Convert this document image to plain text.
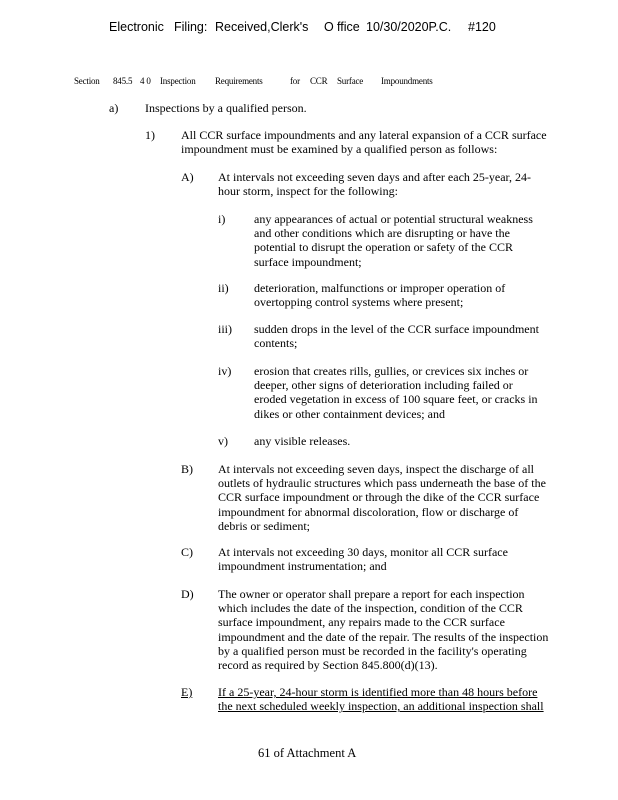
Electronic Filing: Received,Clerk's O ffice 10/30/2020P.C. #120
Section 845.5 4 0 Inspection Requirements	for CCR Surface Impoundments
a) Inspections by a qualified person.
1) All CCR surface impoundments and any lateral expansion of a CCR surface
impoundment must be examined by a qualified person as follows:
A) At intervals not exceeding seven days and after each 25-year, 24-
hour storm, inspect for the following:
i) any appearances of actual or potential structural weakness
and other conditions which are disrupting or have the
potential to disrupt the operation or safety of the CCR
surface impoundment;
ii) deterioration, malfunctions or improper operation of
overtopping control systems where present;
iii) sudden drops in the level of the CCR surface impoundment
contents;
iv) erosion that creates rills, gullies, or crevices six inches or
deeper, other signs of deterioration including failed or
eroded vegetation in excess of 100 square feet, or cracks in
dikes or other containment devices; and
v) any visible releases.
B) At intervals not exceeding seven days, inspect the discharge of all
outlets of hydraulic structures which pass underneath the base of the
CCR surface impoundment or through the dike of the CCR surface
impoundment for abnormal discoloration, flow or discharge of
debris or sediment;
C) At intervals not exceeding 30 days, monitor all CCR surface
impoundment instrumentation; and
D) The owner or operator shall prepare a report for each inspection
which includes the date of the inspection, condition of the CCR
surface impoundment, any repairs made to the CCR surface
impoundment and the date of the repair. The results of the inspection
by a qualified person must be recorded in the facility's operating
record as required by Section 845.800(d)(13).
E) If a 25-year, 24-hour storm is identified more than 48 hours before
the next scheduled weekly inspection, an additional inspection shall
61 of Attachment A
